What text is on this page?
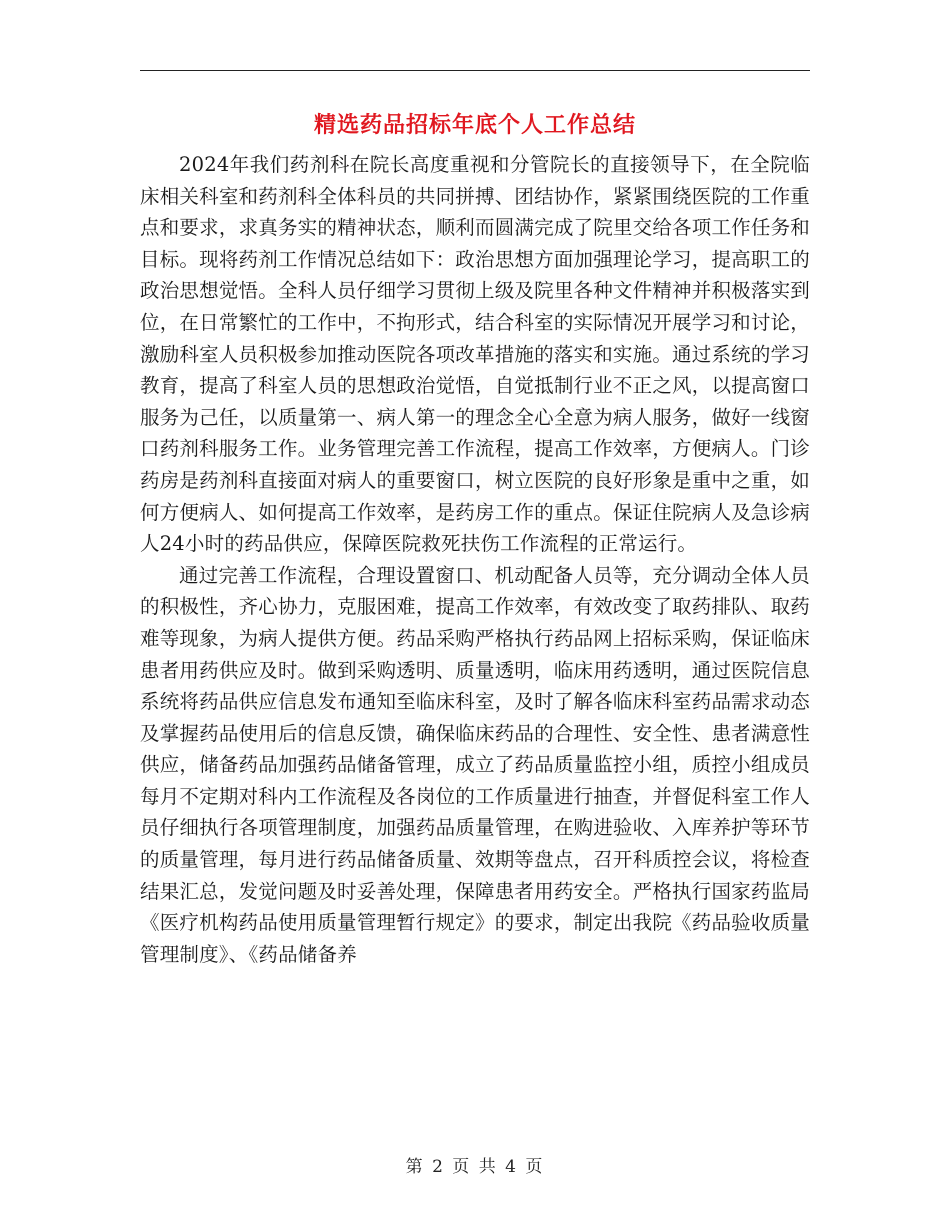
精选药品招标年底个人工作总结

2024年我们药剂科在院长高度重视和分管院长的直接领导下，在全院临床相关科室和药剂科全体科员的共同拼搏、团结协作，紧紧围绕医院的工作重点和要求，求真务实的精神状态，顺利而圆满完成了院里交给各项工作任务和目标。现将药剂工作情况总结如下：政治思想方面加强理论学习，提高职工的政治思想觉悟。全科人员仔细学习贯彻上级及院里各种文件精神并积极落实到位，在日常繁忙的工作中，不拘形式，结合科室的实际情况开展学习和讨论，激励科室人员积极参加推动医院各项改革措施的落实和实施。通过系统的学习教育，提高了科室人员的思想政治觉悟，自觉抵制行业不正之风，以提高窗口服务为己任，以质量第一、病人第一的理念全心全意为病人服务，做好一线窗口药剂科服务工作。业务管理完善工作流程，提高工作效率，方便病人。门诊药房是药剂科直接面对病人的重要窗口，树立医院的良好形象是重中之重，如何方便病人、如何提高工作效率，是药房工作的重点。保证住院病人及急诊病人24小时的药品供应，保障医院救死扶伤工作流程的正常运行。

通过完善工作流程，合理设置窗口、机动配备人员等，充分调动全体人员的积极性，齐心协力，克服困难，提高工作效率，有效改变了取药排队、取药难等现象，为病人提供方便。药品采购严格执行药品网上招标采购，保证临床患者用药供应及时。做到采购透明、质量透明，临床用药透明，通过医院信息系统将药品供应信息发布通知至临床科室，及时了解各临床科室药品需求动态及掌握药品使用后的信息反馈，确保临床药品的合理性、安全性、患者满意性供应，储备药品加强药品储备管理，成立了药品质量监控小组，质控小组成员每月不定期对科内工作流程及各岗位的工作质量进行抽查，并督促科室工作人员仔细执行各项管理制度，加强药品质量管理，在购进验收、入库养护等环节的质量管理，每月进行药品储备质量、效期等盘点，召开科质控会议，将检查结果汇总，发觉问题及时妥善处理，保障患者用药安全。严格执行国家药监局《医疗机构药品使用质量管理暂行规定》的要求，制定出我院《药品验收质量管理制度》、《药品储备养

第 2 页 共 4 页
